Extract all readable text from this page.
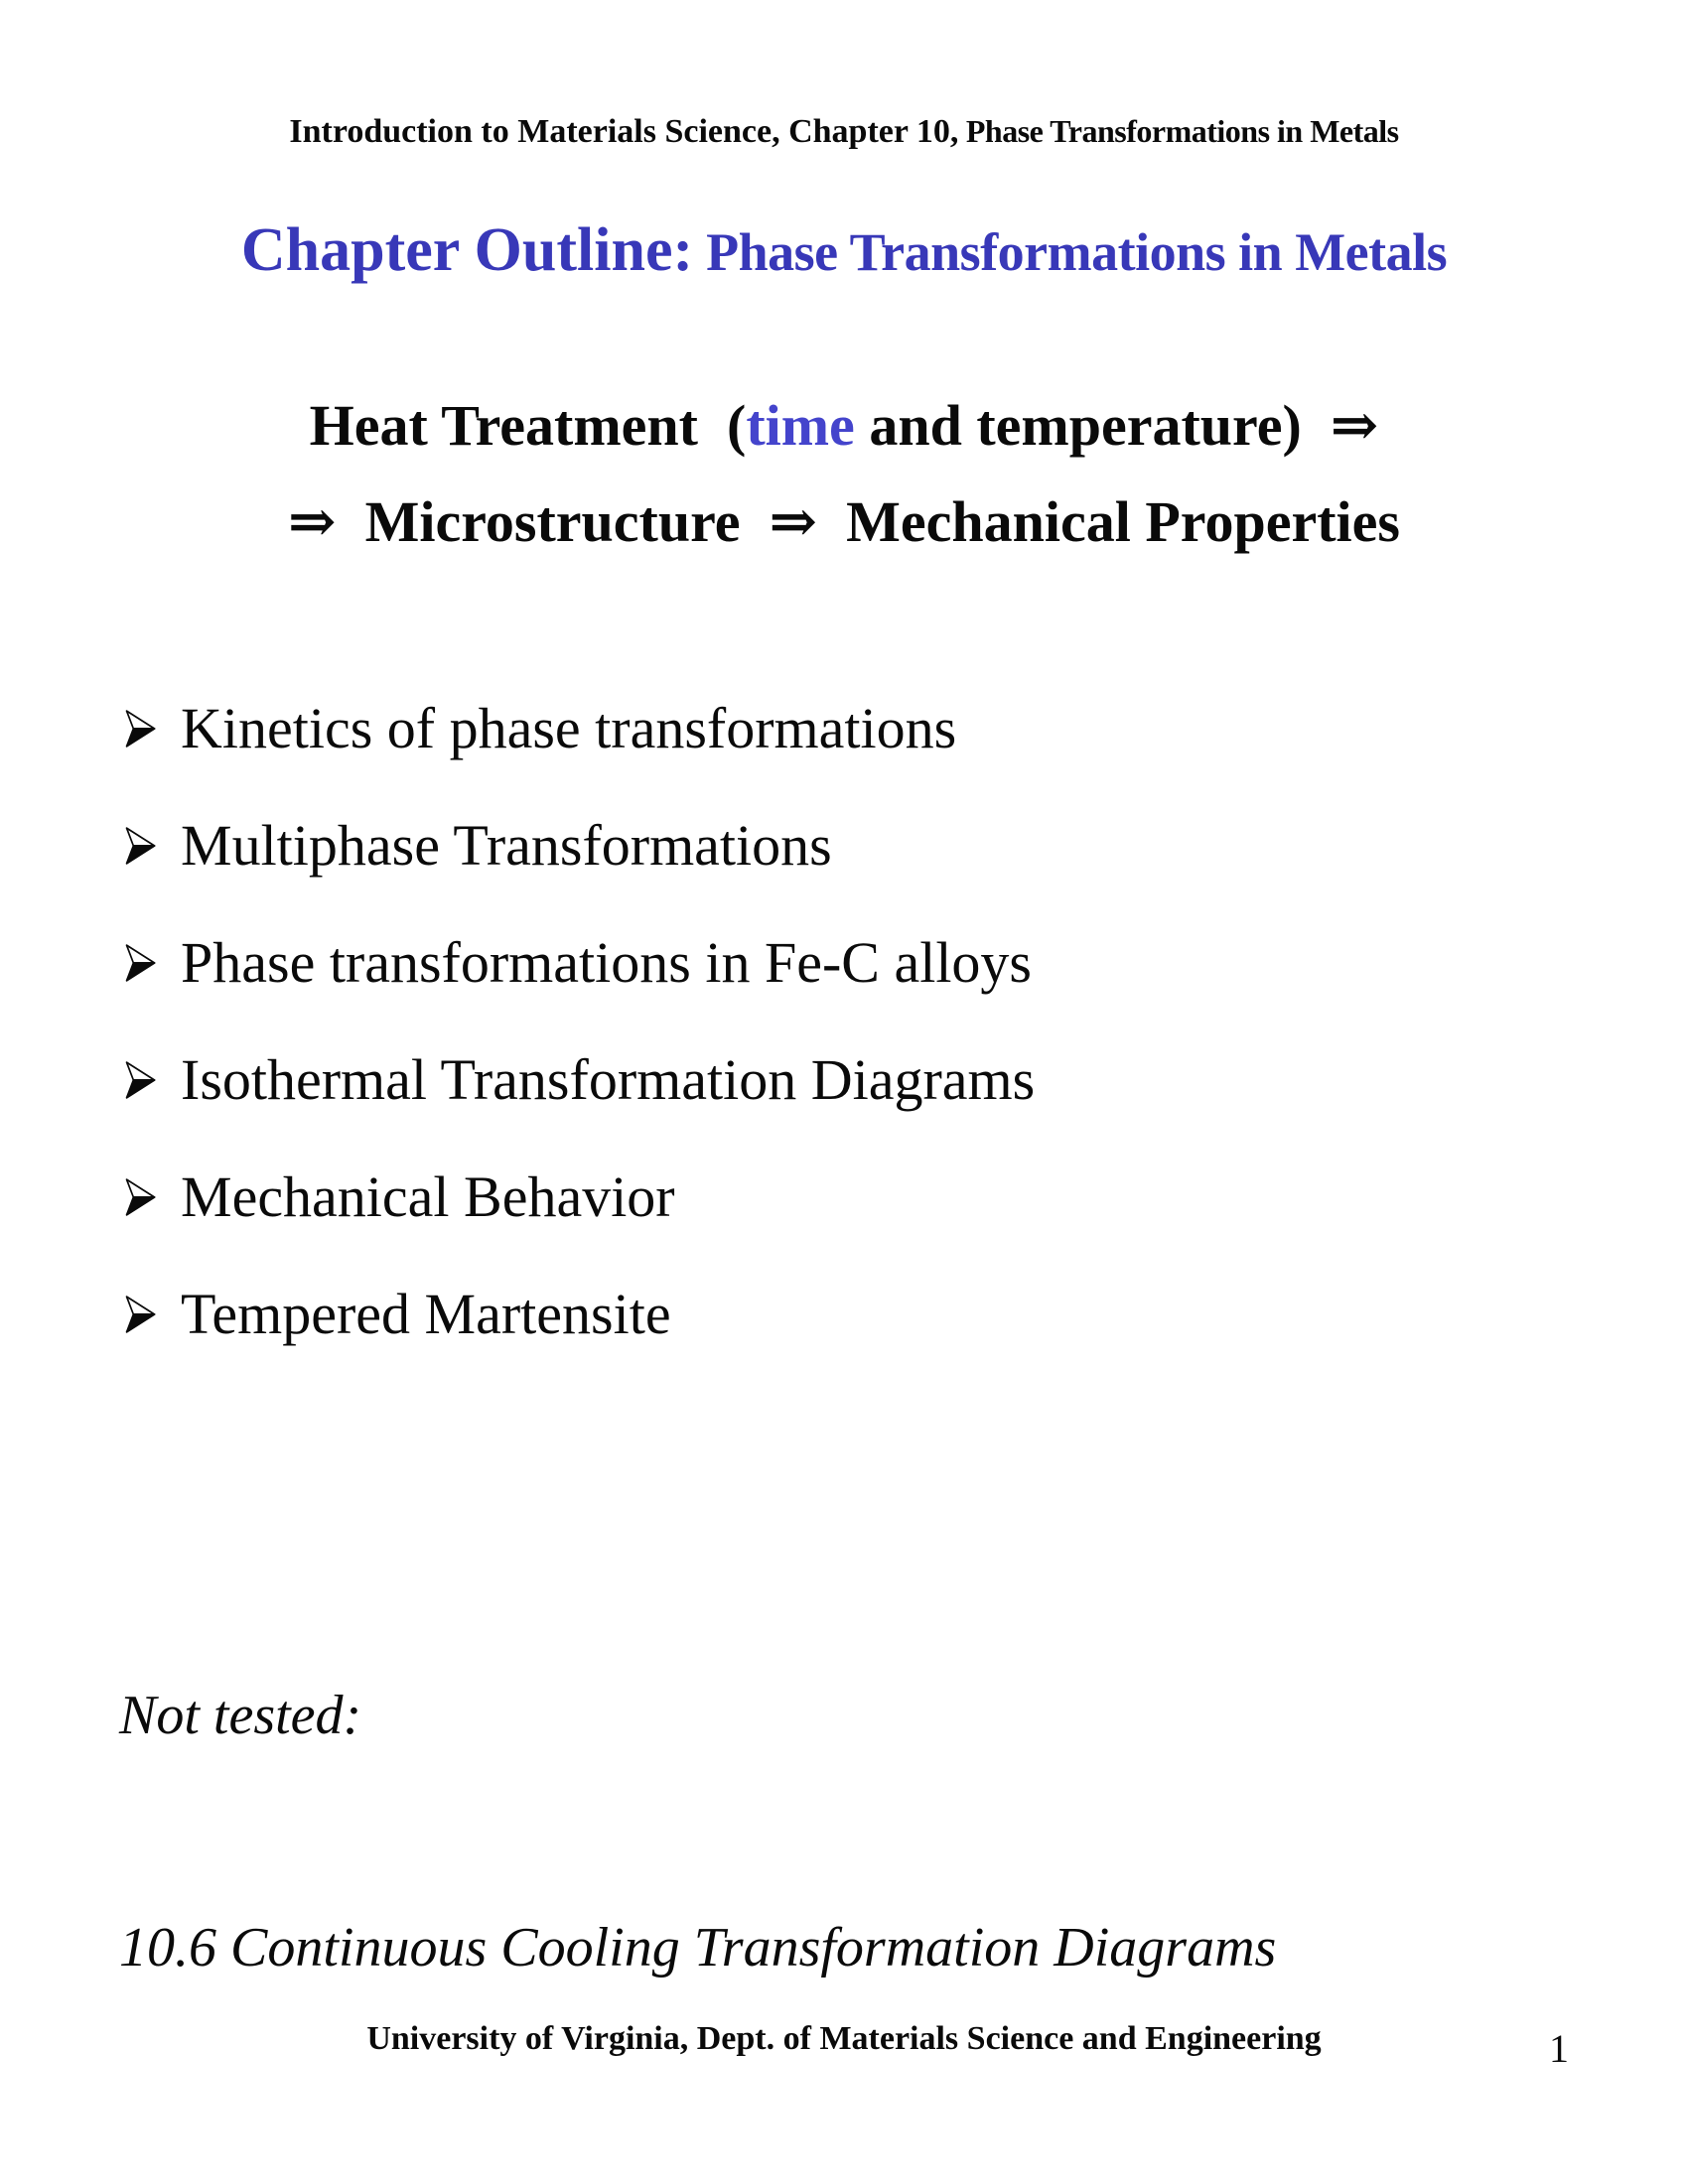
Introduction to Materials Science, Chapter 10, Phase Transformations in Metals
Chapter Outline: Phase Transformations in Metals
Heat Treatment  (time and temperature)  ⇒
⇒  Microstructure  ⇒  Mechanical Properties
Kinetics of phase transformations
Multiphase Transformations
Phase transformations in Fe-C alloys
Isothermal Transformation Diagrams
Mechanical Behavior
Tempered Martensite

Not tested:

10.6 Continuous Cooling Transformation Diagrams

University of Virginia, Dept. of Materials Science and Engineering	1
